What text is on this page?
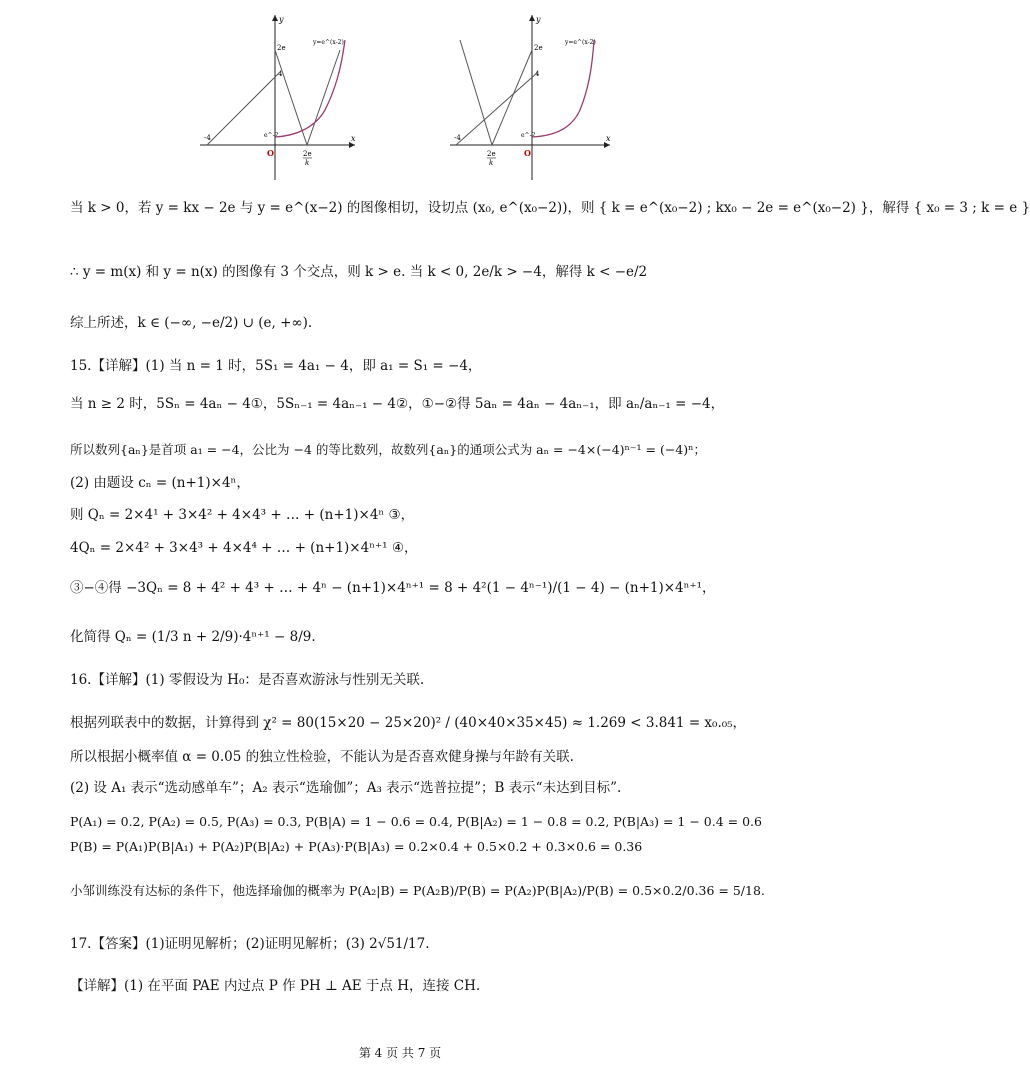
x
y
O
2e
4
e^-2
-4
2e
k
y=e^(x-2)
x
y
O
2e
4
e^-2
-4
2e
k
y=e^(x-2)
当 k > 0，若 y = kx − 2e 与 y = e^(x−2) 的图像相切，设切点 (x₀, e^(x₀−2))，则 { k = e^(x₀−2) ; kx₀ − 2e = e^(x₀−2) }，解得 { x₀ = 3 ; k = e }
∴ y = m(x) 和 y = n(x) 的图像有 3 个交点，则 k > e. 当 k < 0, 2e/k > −4，解得 k < −e/2
综上所述，k ∈ (−∞, −e/2) ∪ (e, +∞).
15.【详解】(1) 当 n = 1 时，5S₁ = 4a₁ − 4，即 a₁ = S₁ = −4，
当 n ≥ 2 时，5Sₙ = 4aₙ − 4①，5Sₙ₋₁ = 4aₙ₋₁ − 4②，①−②得 5aₙ = 4aₙ − 4aₙ₋₁，即 aₙ/aₙ₋₁ = −4，
所以数列{aₙ}是首项 a₁ = −4，公比为 −4 的等比数列，故数列{aₙ}的通项公式为 aₙ = −4×(−4)ⁿ⁻¹ = (−4)ⁿ；
(2) 由题设 cₙ = (n+1)×4ⁿ，
则 Qₙ = 2×4¹ + 3×4² + 4×4³ + … + (n+1)×4ⁿ ③，
4Qₙ = 2×4² + 3×4³ + 4×4⁴ + … + (n+1)×4ⁿ⁺¹ ④，
③−④得 −3Qₙ = 8 + 4² + 4³ + … + 4ⁿ − (n+1)×4ⁿ⁺¹ = 8 + 4²(1 − 4ⁿ⁻¹)/(1 − 4) − (n+1)×4ⁿ⁺¹，
化简得 Qₙ = (1/3 n + 2/9)·4ⁿ⁺¹ − 8/9.
16.【详解】(1) 零假设为 H₀：是否喜欢游泳与性别无关联.
根据列联表中的数据，计算得到 χ² = 80(15×20 − 25×20)² / (40×40×35×45) ≈ 1.269 < 3.841 = x₀.₀₅，
所以根据小概率值 α = 0.05 的独立性检验，不能认为是否喜欢健身操与年龄有关联.
(2) 设 A₁ 表示“选动感单车”；A₂ 表示“选瑜伽”；A₃ 表示“选普拉提”；B 表示“未达到目标”.
P(A₁) = 0.2, P(A₂) = 0.5, P(A₃) = 0.3, P(B|A) = 1 − 0.6 = 0.4, P(B|A₂) = 1 − 0.8 = 0.2, P(B|A₃) = 1 − 0.4 = 0.6
P(B) = P(A₁)P(B|A₁) + P(A₂)P(B|A₂) + P(A₃)·P(B|A₃) = 0.2×0.4 + 0.5×0.2 + 0.3×0.6 = 0.36
小邹训练没有达标的条件下，他选择瑜伽的概率为 P(A₂|B) = P(A₂B)/P(B) = P(A₂)P(B|A₂)/P(B) = 0.5×0.2/0.36 = 5/18.
17.【答案】(1)证明见解析；(2)证明见解析；(3) 2√51/17.
【详解】(1) 在平面 PAE 内过点 P 作 PH ⊥ AE 于点 H，连接 CH.
第 4 页 共 7 页
